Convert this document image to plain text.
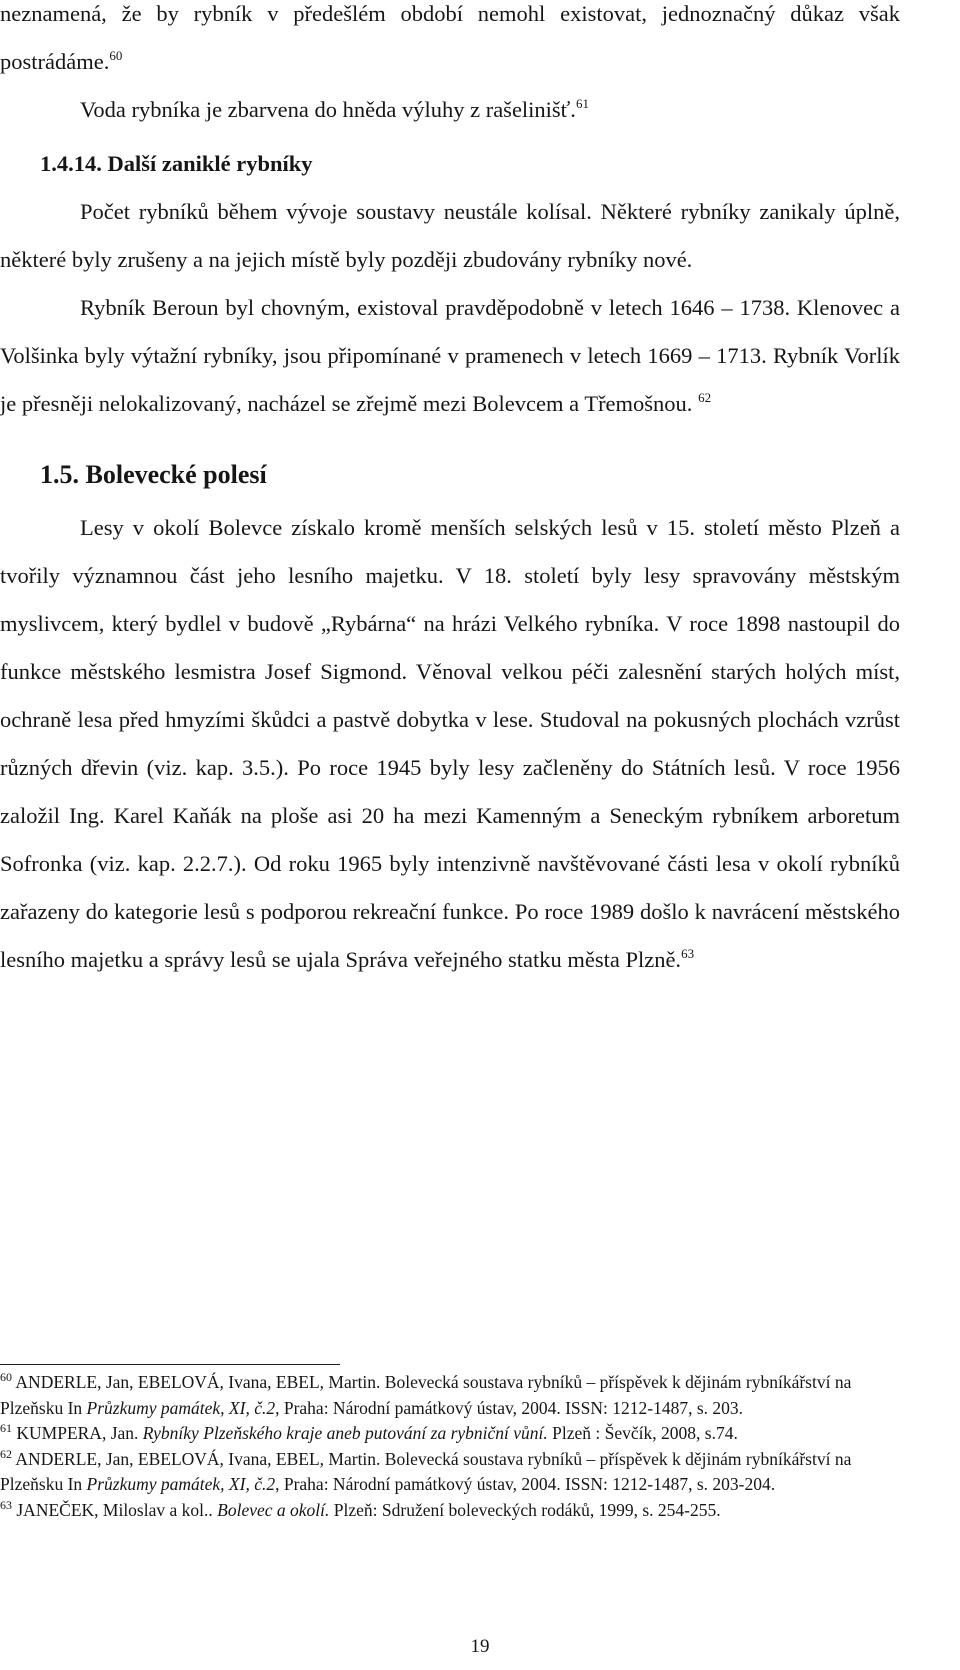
neznamená, že by rybník v předešlém období nemohl existovat, jednoznačný důkaz však postrádáme.$^{60}$

Voda rybníka je zbarvena do hněda výluhy z rašelinišť.$^{61}$

1.4.14. Další zaniklé rybníky

Počet rybníků během vývoje soustavy neustále kolísal. Některé rybníky zanikaly úplně, některé byly zrušeny a na jejich místě byly později zbudovány rybníky nové.

Rybník Beroun byl chovným, existoval pravděpodobně v letech 1646 – 1738. Klenovec a Volšinka byly výtažní rybníky, jsou připomínané v pramenech v letech 1669 – 1713. Rybník Vorlík je přesněji nelokalizovaný, nacházel se zřejmě mezi Bolevcem a Třemošnou. $^{62}$

1.5. Bolevecké polesí

Lesy v okolí Bolevce získalo kromě menších selských lesů v 15. století město Plzeň a tvořily významnou část jeho lesního majetku. V 18. století byly lesy spravovány městským myslivcem, který bydlel v budově „Rybárna“ na hrázi Velkého rybníka. V roce 1898 nastoupil do funkce městského lesmistra Josef Sigmond. Věnoval velkou péči zalesnění starých holých míst, ochraně lesa před hmyzími škůdci a pastvě dobytka v lese. Studoval na pokusných plochách vzrůst různých dřevin (viz. kap. 3.5.). Po roce 1945 byly lesy začleněny do Státních lesů. V roce 1956 založil Ing. Karel Kaňák na ploše asi 20 ha mezi Kamenným a Seneckým rybníkem arboretum Sofronka (viz. kap. 2.2.7.). Od roku 1965 byly intenzivně navštěvované části lesa v okolí rybníků zařazeny do kategorie lesů s podporou rekreační funkce. Po roce 1989 došlo k navrácení městského lesního majetku a správy lesů se ujala Správa veřejného statku města Plzně.$^{63}$

$^{60}$ ANDERLE, Jan, EBELOVÁ, Ivana, EBEL, Martin. Bolevecká soustava rybníků – příspěvek k dějinám rybníkářství na Plzeňsku In Průzkumy památek, XI, č.2, Praha: Národní památkový ústav, 2004. ISSN: 1212-1487, s. 203.

$^{61}$ KUMPERA, Jan. Rybníky Plzeňského kraje aneb putování za rybniční vůní. Plzeň : Ševčík, 2008, s.74.

$^{62}$ ANDERLE, Jan, EBELOVÁ, Ivana, EBEL, Martin. Bolevecká soustava rybníků – příspěvek k dějinám rybníkářství na Plzeňsku In Průzkumy památek, XI, č.2, Praha: Národní památkový ústav, 2004. ISSN: 1212-1487, s. 203-204.

$^{63}$ JANEČEK, Miloslav a kol.. Bolevec a okolí. Plzeň: Sdružení boleveckých rodáků, 1999, s. 254-255.

19
